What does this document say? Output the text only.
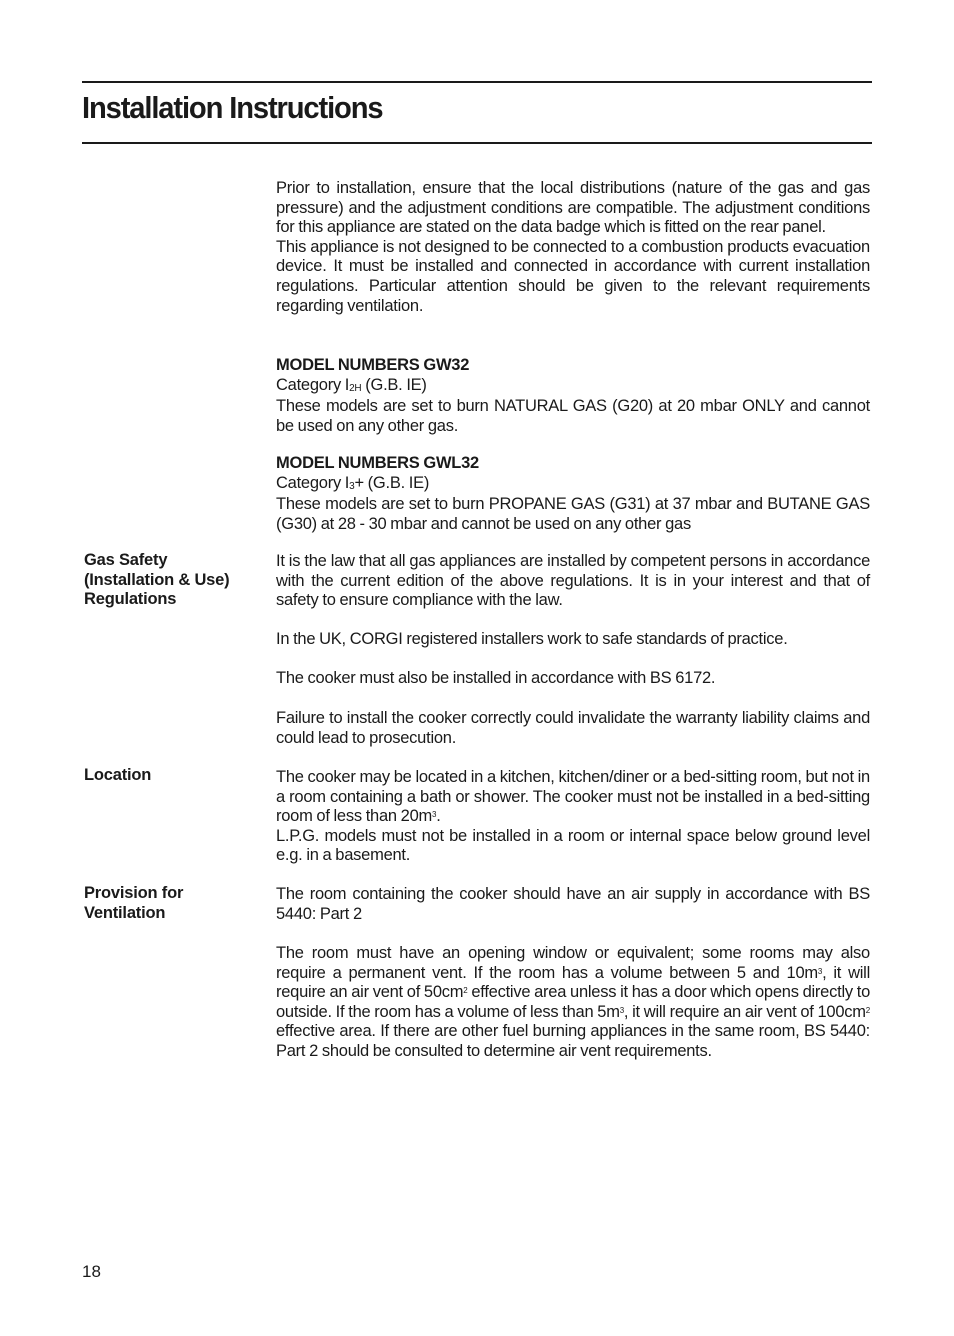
Installation Instructions

Prior to installation, ensure that the local distributions (nature of the gas and gas pressure) and the adjustment conditions are compatible. The adjustment conditions for this appliance are stated on the data badge which is fitted on the rear panel.

This appliance is not designed to be connected to a combustion products evacuation device. It must be installed and connected in accordance with current installation regulations. Particular attention should be given to the relevant requirements regarding ventilation.

MODEL NUMBERS GW32

Category $I_{2H}$ (G.B. IE)

These models are set to burn NATURAL GAS (G20) at 20 mbar ONLY and cannot be used on any other gas.

MODEL NUMBERS GWL32

Category $I_3+ (G.B$. IE)

These models are set to burn PROPANE GAS (G31) at 37 mbar and BUTANE GAS (G30) at 28 - 30 mbar and cannot be used on any other gas

Gas Safety
(Installation & Use)
Regulations

It is the law that all gas appliances are installed by competent persons in accordance with the current edition of the above regulations. It is in your interest and that of safety to ensure compliance with the law.

In the UK, CORGI registered installers work to safe standards of practice.

The cooker must also be installed in accordance with BS 6172.

Failure to install the cooker correctly could invalidate the warranty liability claims and could lead to prosecution.

Location	The cooker may be located in a kitchen, kitchen/diner or a bed-sitting room, but not in a room containing a bath or shower. The cooker must not be installed in a bed-sitting room of less than $20m^3$.

L.P.G. models must not be installed in a room or internal space below ground level e.g. in a basement.

Provision for
Ventilation

The room containing the cooker should have an air supply in accordance with BS 5440: Part 2

The room must have an opening window or equivalent; some rooms may also require a permanent vent. If the room has a volume between 5 and $10m^3$, it will require an air vent of $50cm^2$ effective area unless it has a door which opens directly to outside. If the room has a volume of less than $5m^3$, it will require an air vent of $100cm^2$ effective area. If there are other fuel burning appliances in the same room, BS 5440: Part 2 should be consulted to determine air vent requirements.

18
